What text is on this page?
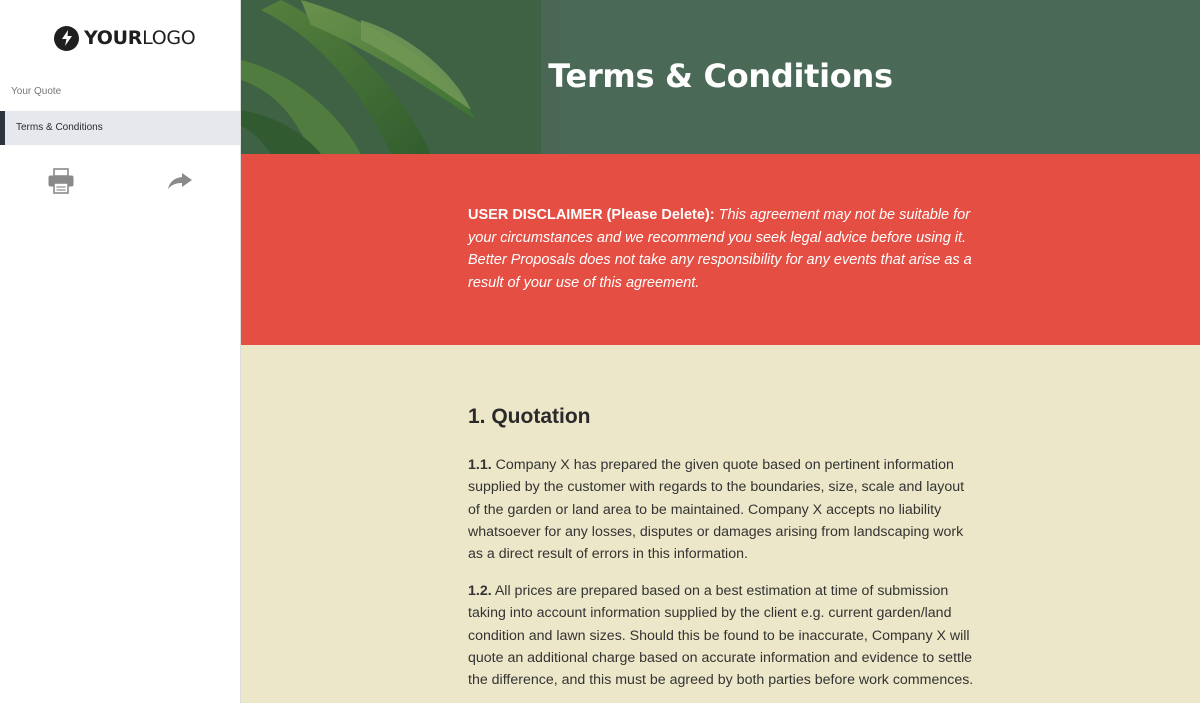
YOURLOGO
Your Quote
Terms & Conditions
Terms & Conditions

USER DISCLAIMER (Please Delete): This agreement may not be suitable for your circumstances and we recommend you seek legal advice before using it. Better Proposals does not take any responsibility for any events that arise as a result of your use of this agreement.

1. Quotation

1.1. Company X has prepared the given quote based on pertinent information supplied by the customer with regards to the boundaries, size, scale and layout of the garden or land area to be maintained. Company X accepts no liability whatsoever for any losses, disputes or damages arising from landscaping work as a direct result of errors in this information.

1.2. All prices are prepared based on a best estimation at time of submission taking into account information supplied by the client e.g. current garden/land condition and lawn sizes. Should this be found to be inaccurate, Company X will quote an additional charge based on accurate information and evidence to settle the difference, and this must be agreed by both parties before work commences.
